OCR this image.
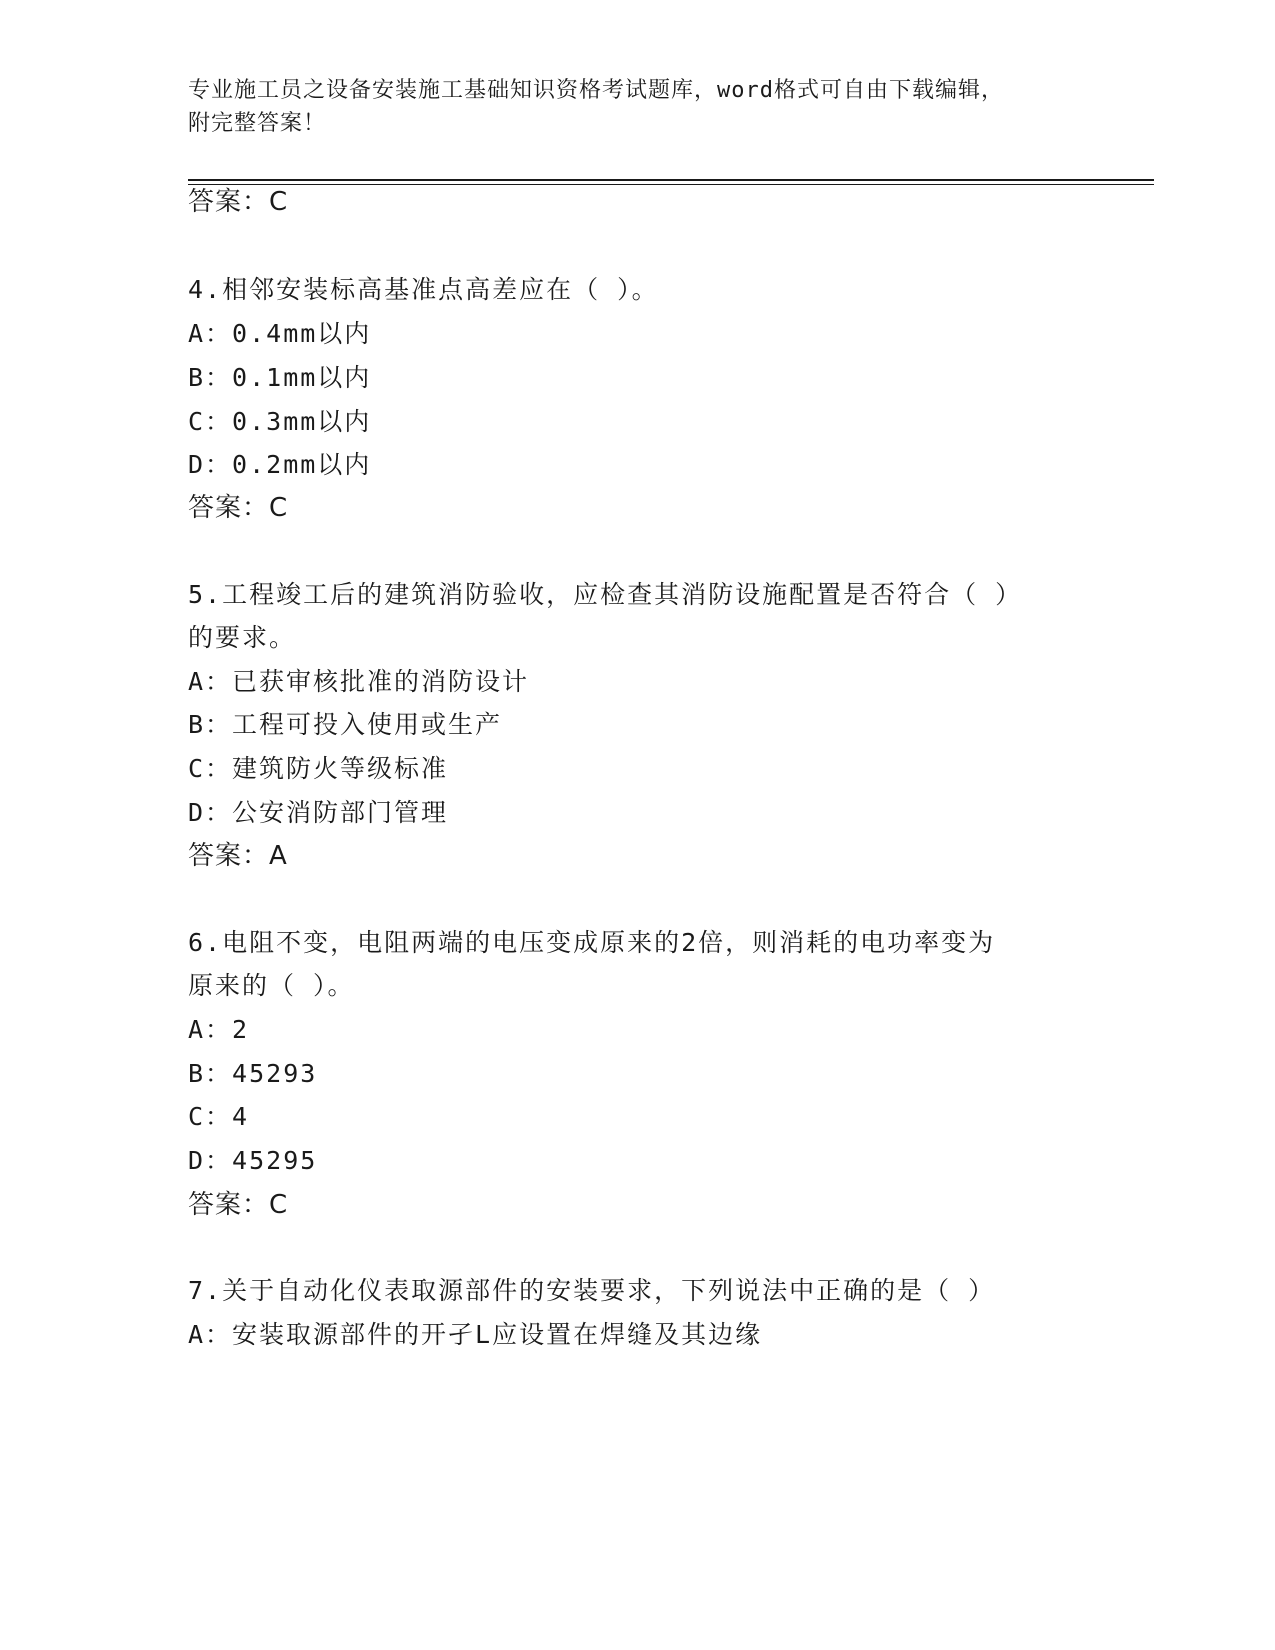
专业施工员之设备安装施工基础知识资格考试题库，word格式可自由下载编辑，
附完整答案！
答案：C
4.相邻安装标高基准点高差应在（ ）。
A：0.4mm以内
B：0.1mm以内
C：0.3mm以内
D：0.2mm以内
答案：C
5.工程竣工后的建筑消防验收，应检查其消防设施配置是否符合（ ）
的要求。
A：已获审核批准的消防设计
B：工程可投入使用或生产
C：建筑防火等级标准
D：公安消防部门管理
答案：A
6.电阻不变，电阻两端的电压变成原来的2倍，则消耗的电功率变为
原来的（ ）。
A：2
B：45293
C：4
D：45295
答案：C
7.关于自动化仪表取源部件的安装要求，下列说法中正确的是（ ）
A：安装取源部件的开孑L应设置在焊缝及其边缘
